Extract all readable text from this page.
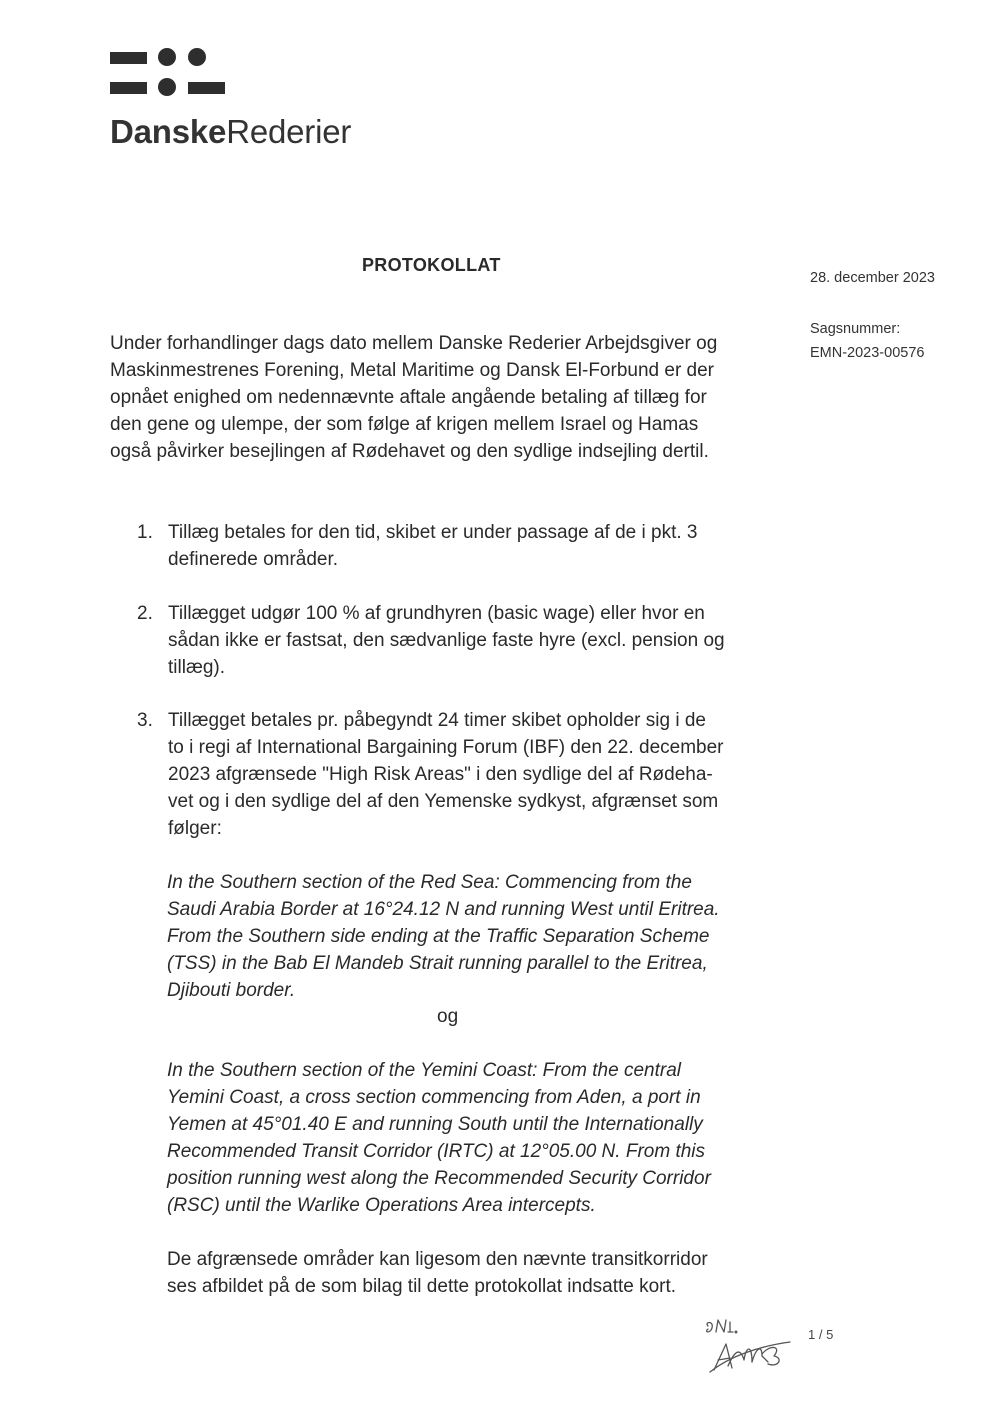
DanskeRederier
PROTOKOLLAT
28. december 2023
Sagsnummer:
EMN-2023-00576
Under forhandlinger dags dato mellem Danske Rederier Arbejdsgiver og
Maskinmestrenes Forening, Metal Maritime og Dansk El-Forbund er der
opnået enighed om nedennævnte aftale angående betaling af tillæg for
den gene og ulempe, der som følge af krigen mellem Israel og Hamas
også påvirker besejlingen af Rødehavet og den sydlige indsejling dertil.
1. Tillæg betales for den tid, skibet er under passage af de i pkt. 3
definerede områder.
2. Tillægget udgør 100 % af grundhyren (basic wage) eller hvor en
sådan ikke er fastsat, den sædvanlige faste hyre (excl. pension og
tillæg).
3. Tillægget betales pr. påbegyndt 24 timer skibet opholder sig i de
to i regi af International Bargaining Forum (IBF) den 22. december
2023 afgrænsede "High Risk Areas" i den sydlige del af Rødeha-
vet og i den sydlige del af den Yemenske sydkyst, afgrænset som
følger:
In the Southern section of the Red Sea: Commencing from the
Saudi Arabia Border at 16°24.12 N and running West until Eritrea.
From the Southern side ending at the Traffic Separation Scheme
(TSS) in the Bab El Mandeb Strait running parallel to the Eritrea,
Djibouti border.
og
In the Southern section of the Yemini Coast: From the central
Yemini Coast, a cross section commencing from Aden, a port in
Yemen at 45°01.40 E and running South until the Internationally
Recommended Transit Corridor (IRTC) at 12°05.00 N. From this
position running west along the Recommended Security Corridor
(RSC) until the Warlike Operations Area intercepts.
De afgrænsede områder kan ligesom den nævnte transitkorridor
ses afbildet på de som bilag til dette protokollat indsatte kort.
1 / 5
